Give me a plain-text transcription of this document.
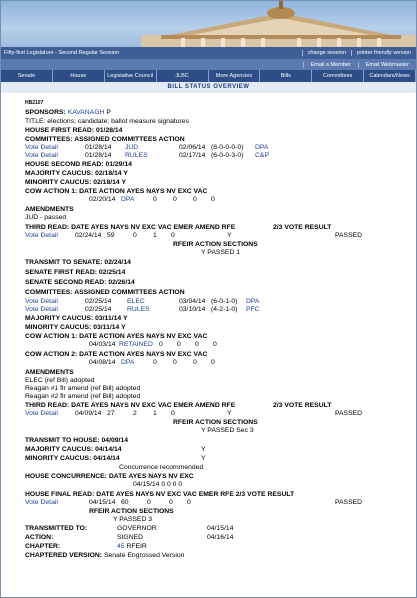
Fifty-first Legislature - Second Regular Session	change session	printer friendly version
Email a Member	Email Webmaster
Senate	House	Legislative Council	JLBC	More Agencies	Bills	Committees	Calendars/News
BILL STATUS OVERVIEW
HB2107
SPONSORS: KAVANAGH P
TITLE: elections; candidate; ballot measure signatures
HOUSE FIRST READ: 01/28/14
COMMITTEES: ASSIGNED COMMITTEES ACTION
Vote Detail	01/28/14 JUD	02/06/14 (8-0-0-0-0) DPA
Vote Detail	01/28/14 RULES	02/17/14 (6-0-0-3-0) C&P
HOUSE SECOND READ: 01/29/14
MAJORITY CAUCUS: 02/18/14 Y
MINORITY CAUCUS: 02/18/14 Y
COW ACTION 1: DATE ACTION AYES NAYS NV EXC VAC
02/20/14 DPA	0 0 0 0
AMENDMENTS
JUD - passed
THIRD READ: DATE AYES NAYS NV EXC VAC EMER AMEND RFE	2/3 VOTE RESULT
Vote Detail	02/24/14 59	0 1 0	Y	PASSED
RFEIR ACTION SECTIONS
Y PASSED 1
TRANSMIT TO SENATE: 02/24/14
SENATE FIRST READ: 02/25/14
SENATE SECOND READ: 02/26/14
COMMITTEES: ASSIGNED COMMITTEES ACTION
Vote Detail	02/25/14 ELEC	03/04/14 (6-0-1-0) DPA
Vote Detail	02/25/14 RULES	03/10/14 (4-2-1-0) PFC
MAJORITY CAUCUS: 03/11/14 Y
MINORITY CAUCUS: 03/11/14 Y
COW ACTION 1: DATE ACTION AYES NAYS NV EXC VAC
04/03/14 RETAINED 0 0 0 0
COW ACTION 2: DATE ACTION AYES NAYS NV EXC VAC
04/08/14 DPA	0 0 0 0
AMENDMENTS
ELEC (ref Bill) adopted
Reagan #1 flr amend (ref Bill) adopted
Reagan #2 flr amend (ref Bill) adopted
THIRD READ: DATE AYES NAYS NV EXC VAC EMER AMEND RFE	2/3 VOTE RESULT
Vote Detail	04/09/14 27	2 1 0	Y	PASSED
RFEIR ACTION SECTIONS
Y PASSED Sec 3
TRANSMIT TO HOUSE: 04/09/14
MAJORITY CAUCUS: 04/14/14	Y
MINORITY CAUCUS: 04/14/14	Y
Concurrence recommended
HOUSE CONCURRENCE: DATE AYES NAYS NV EXC
04/15/14 0 0 0 0
HOUSE FINAL READ: DATE AYES NAYS NV EXC VAC EMER RFE 2/3 VOTE RESULT
Vote Detail	04/15/14 60	0	0 0	PASSED
RFEIR ACTION SECTIONS
Y PASSED 3
TRANSMITTED TO:	GOVERNOR	04/15/14
ACTION:	SIGNED	04/16/14
CHAPTER:	45 RFEIR
CHAPTERED VERSION: Senate Engrossed Version
